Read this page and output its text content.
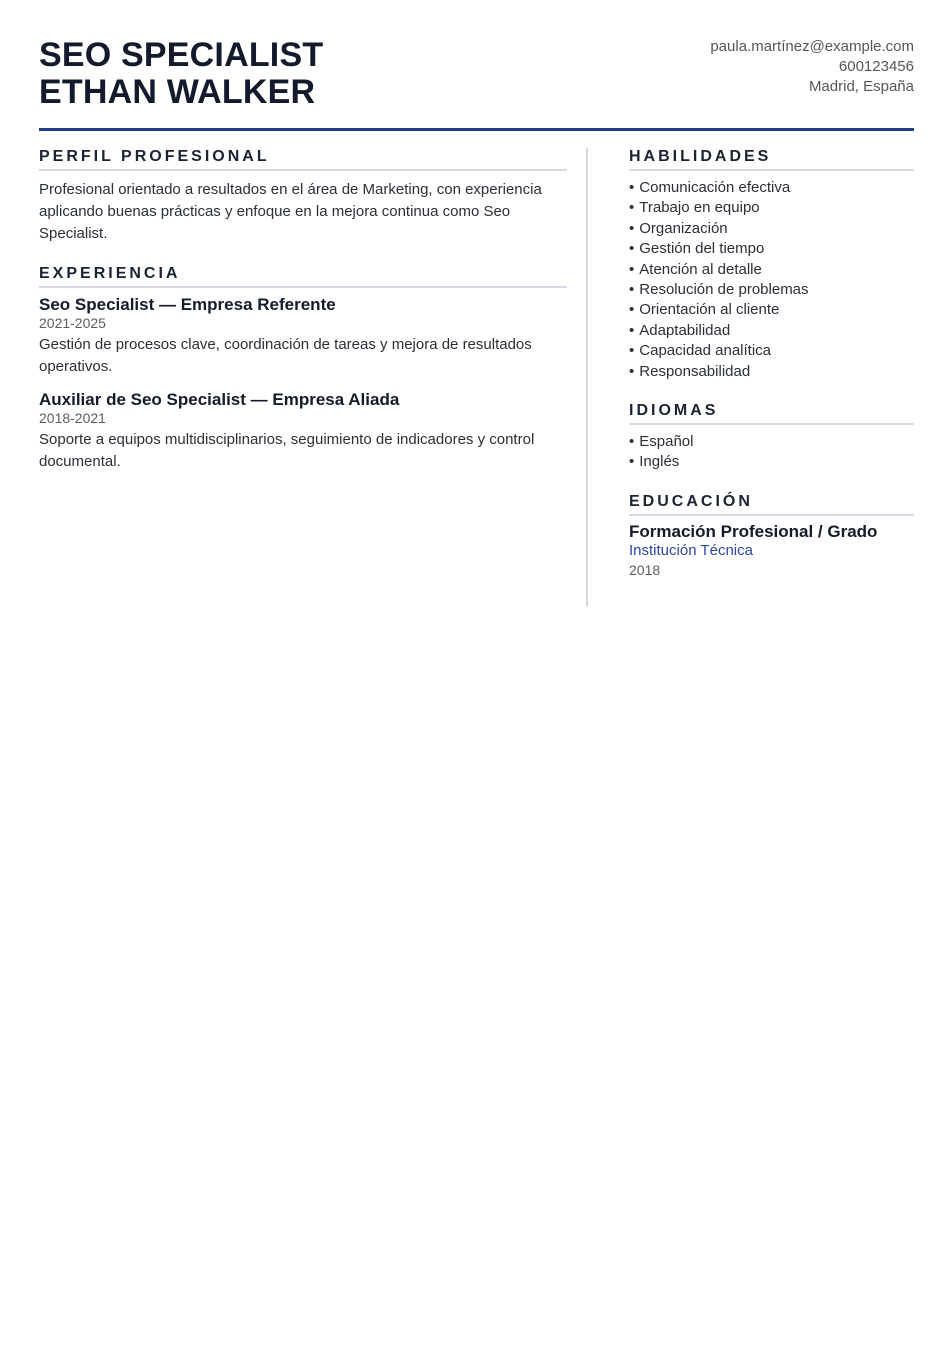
SEO SPECIALIST
ETHAN WALKER
paula.martínez@example.com
600123456
Madrid, España
PERFIL PROFESIONAL
Profesional orientado a resultados en el área de Marketing, con experiencia aplicando buenas prácticas y enfoque en la mejora continua como Seo Specialist.
EXPERIENCIA
Seo Specialist — Empresa Referente
2021-2025
Gestión de procesos clave, coordinación de tareas y mejora de resultados operativos.
Auxiliar de Seo Specialist — Empresa Aliada
2018-2021
Soporte a equipos multidisciplinarios, seguimiento de indicadores y control documental.
HABILIDADES
• Comunicación efectiva
• Trabajo en equipo
• Organización
• Gestión del tiempo
• Atención al detalle
• Resolución de problemas
• Orientación al cliente
• Adaptabilidad
• Capacidad analítica
• Responsabilidad
IDIOMAS
• Español
• Inglés
EDUCACIÓN
Formación Profesional / Grado
Institución Técnica
2018
